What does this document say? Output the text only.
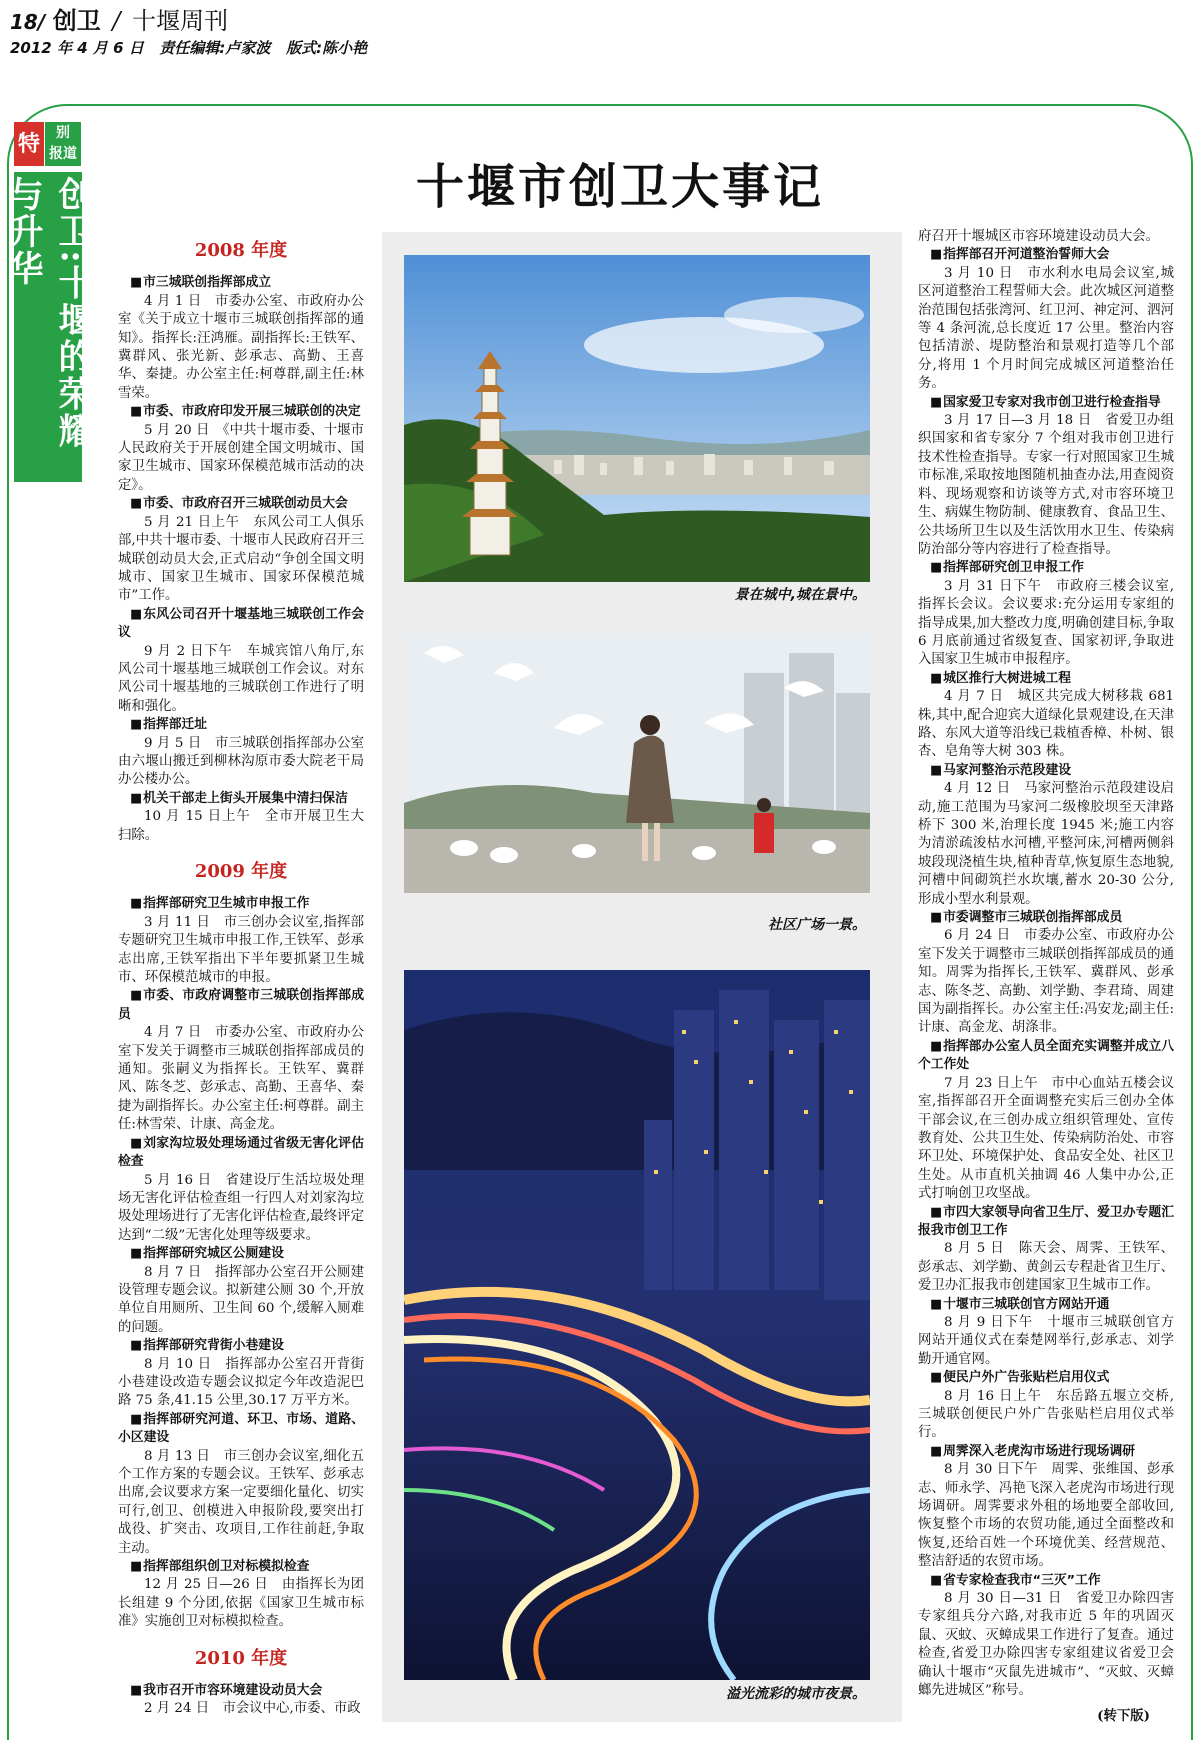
18/ 创卫 / 十堰周刊
2012 年 4 月 6 日 责任编辑:卢家波 版式:陈小艳
特	别
报道
创卫:十堰的荣耀与升华	十堰市创卫大事记
2008 年度
■ 市三城联创指挥部成立
4 月 1 日　市委办公室、市政府办公室《关于成立十堰市三城联创指挥部的通知》。指挥长:汪鸿雁。副指挥长:王铁军、冀群风、张光新、彭承志、高勤、王喜华、秦捷。办公室主任:柯尊群,副主任:林雪荣。
■ 市委、市政府印发开展三城联创的决定
5 月 20 日　《中共十堰市委、十堰市人民政府关于开展创建全国文明城市、国家卫生城市、国家环保模范城市活动的决定》。
■ 市委、市政府召开三城联创动员大会
5 月 21 日上午　东风公司工人俱乐部,中共十堰市委、十堰市人民政府召开三城联创动员大会,正式启动“争创全国文明城市、国家卫生城市、国家环保模范城市”工作。
■ 东风公司召开十堰基地三城联创工作会议
9 月 2 日下午　车城宾馆八角厅,东风公司十堰基地三城联创工作会议。对东风公司十堰基地的三城联创工作进行了明晰和强化。
■ 指挥部迁址
9 月 5 日　市三城联创指挥部办公室由六堰山搬迁到柳林沟原市委大院老干局办公楼办公。
■ 机关干部走上街头开展集中清扫保洁
10 月 15 日上午　全市开展卫生大扫除。
2009 年度
■ 指挥部研究卫生城市申报工作
3 月 11 日　市三创办会议室,指挥部专题研究卫生城市申报工作,王铁军、彭承志出席,王铁军指出下半年要抓紧卫生城市、环保模范城市的申报。
■ 市委、市政府调整市三城联创指挥部成员
4 月 7 日　市委办公室、市政府办公室下发关于调整市三城联创指挥部成员的通知。张嗣义为指挥长。王铁军、冀群风、陈冬芝、彭承志、高勤、王喜华、秦捷为副指挥长。办公室主任:柯尊群。副主任:林雪荣、计康、高金龙。
■ 刘家沟垃圾处理场通过省级无害化评估检查
5 月 16 日　省建设厅生活垃圾处理场无害化评估检查组一行四人对刘家沟垃圾处理场进行了无害化评估检查,最终评定达到“二级”无害化处理等级要求。
■ 指挥部研究城区公厕建设
8 月 7 日　指挥部办公室召开公厕建设管理专题会议。拟新建公厕 30 个,开放单位自用厕所、卫生间 60 个,缓解入厕难的问题。
■ 指挥部研究背街小巷建设
8 月 10 日　指挥部办公室召开背街小巷建设改造专题会议拟定今年改造泥巴路 75 条,41.15 公里,30.17 万平方米。
■ 指挥部研究河道、环卫、市场、道路、小区建设
8 月 13 日　市三创办会议室,细化五个工作方案的专题会议。王铁军、彭承志出席,会议要求方案一定要细化量化、切实可行,创卫、创模进入申报阶段,要突出打战役、扩突击、攻项目,工作往前赶,争取主动。
■ 指挥部组织创卫对标模拟检查
12 月 25 日—26 日　由指挥长为团长组建 9 个分团,依据《国家卫生城市标准》实施创卫对标模拟检查。
2010 年度
■ 我市召开市容环境建设动员大会
2 月 24 日　市会议中心,市委、市政
景在城中,城在景中。
社区广场一景。
溢光流彩的城市夜景。
府召开十堰城区市容环境建设动员大会。
■ 指挥部召开河道整治誓师大会
3 月 10 日　市水利水电局会议室,城区河道整治工程誓师大会。此次城区河道整治范围包括张湾河、红卫河、神定河、泗河等 4 条河流,总长度近 17 公里。整治内容包括清淤、堤防整治和景观打造等几个部分,将用 1 个月时间完成城区河道整治任务。
■ 国家爱卫专家对我市创卫进行检查指导
3 月 17 日—3 月 18 日　省爱卫办组织国家和省专家分 7 个组对我市创卫进行技术性检查指导。专家一行对照国家卫生城市标准,采取按地图随机抽查办法,用查阅资料、现场观察和访谈等方式,对市容环境卫生、病媒生物防制、健康教育、食品卫生、公共场所卫生以及生活饮用水卫生、传染病防治部分等内容进行了检查指导。
■ 指挥部研究创卫申报工作
3 月 31 日下午　市政府三楼会议室,指挥长会议。会议要求:充分运用专家组的指导成果,加大整改力度,明确创建目标,争取 6 月底前通过省级复查、国家初评,争取进入国家卫生城市申报程序。
■ 城区推行大树进城工程
4 月 7 日　城区共完成大树移栽 681 株,其中,配合迎宾大道绿化景观建设,在天津路、东风大道等沿线已栽植香樟、朴树、银杏、皂角等大树 303 株。
■ 马家河整治示范段建设
4 月 12 日　马家河整治示范段建设启动,施工范围为马家河二级橡胶坝至天津路桥下 300 米,治理长度 1945 米;施工内容为清淤疏浚枯水河槽,平整河床,河槽两侧斜坡段现浇植生块,植种青草,恢复原生态地貌,河槽中间砌筑拦水坎壤,蓄水 20-30 公分,形成小型水利景观。
■ 市委调整市三城联创指挥部成员
6 月 24 日　市委办公室、市政府办公室下发关于调整市三城联创指挥部成员的通知。周霁为指挥长,王铁军、冀群风、彭承志、陈冬芝、高勤、刘学勤、李君琦、周建国为副指挥长。办公室主任:冯安龙;副主任:计康、高金龙、胡涤非。
■ 指挥部办公室人员全面充实调整并成立八个工作处
7 月 23 日上午　市中心血站五楼会议室,指挥部召开全面调整充实后三创办全体干部会议,在三创办成立组织管理处、宣传教育处、公共卫生处、传染病防治处、市容环卫处、环境保护处、食品安全处、社区卫生处。从市直机关抽调 46 人集中办公,正式打响创卫攻坚战。
■ 市四大家领导向省卫生厅、爱卫办专题汇报我市创卫工作
8 月 5 日　陈天会、周霁、王铁军、彭承志、刘学勤、黄剑云专程赴省卫生厅、爱卫办汇报我市创建国家卫生城市工作。
■ 十堰市三城联创官方网站开通
8 月 9 日下午　十堰市三城联创官方网站开通仪式在秦楚网举行,彭承志、刘学勤开通官网。
■ 便民户外广告张贴栏启用仪式
8 月 16 日上午　东岳路五堰立交桥,三城联创便民户外广告张贴栏启用仪式举行。
■ 周霁深入老虎沟市场进行现场调研
8 月 30 日下午　周霁、张维国、彭承志、师永学、冯艳飞深入老虎沟市场进行现场调研。周霁要求外租的场地要全部收回,恢复整个市场的农贸功能,通过全面整改和恢复,还给百姓一个环境优美、经营规范、整洁舒适的农贸市场。
■ 省专家检查我市“三灭”工作
8 月 30 日—31 日　省爱卫办除四害专家组兵分六路,对我市近 5 年的巩固灭鼠、灭蚊、灭蟑成果工作进行了复查。通过检查,省爱卫办除四害专家组建议省爱卫会确认十堰市“灭鼠先进城市”、“灭蚊、灭蟑螂先进城区”称号。
(转下版)
